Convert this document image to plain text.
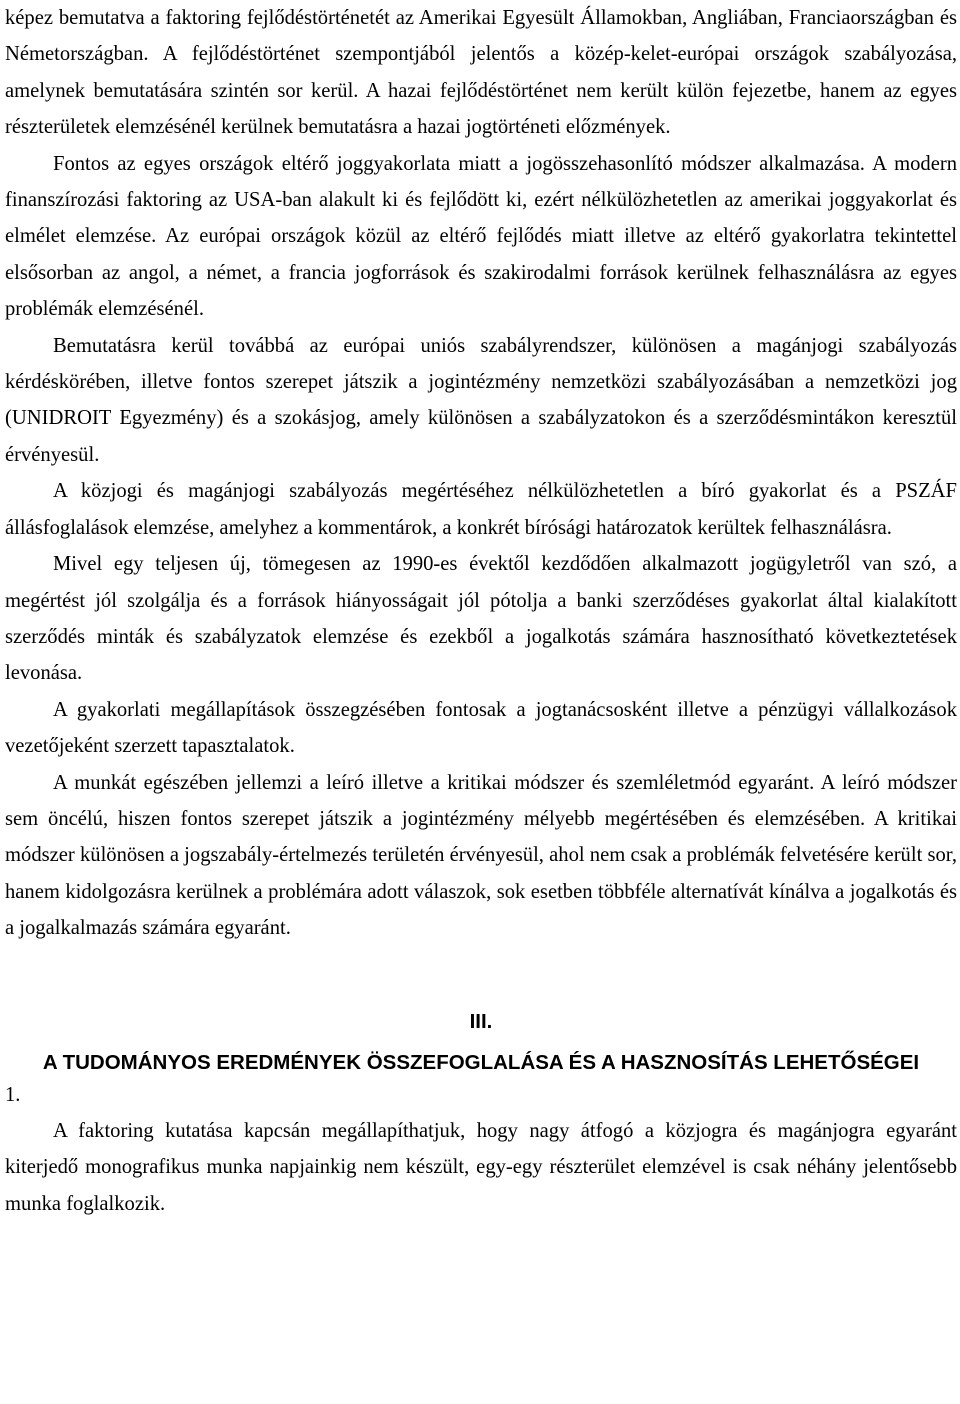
képez bemutatva a faktoring fejlődéstörténetét az Amerikai Egyesült Államokban, Angliában, Franciaországban és Németországban. A fejlődéstörténet szempontjából jelentős a közép-kelet-európai országok szabályozása, amelynek bemutatására szintén sor kerül. A hazai fejlődéstörténet nem került külön fejezetbe, hanem az egyes részterületek elemzésénél kerülnek bemutatásra a hazai jogtörténeti előzmények.

Fontos az egyes országok eltérő joggyakorlata miatt a jogösszehasonlító módszer alkalmazása. A modern finanszírozási faktoring az USA-ban alakult ki és fejlődött ki, ezért nélkülözhetetlen az amerikai joggyakorlat és elmélet elemzése. Az európai országok közül az eltérő fejlődés miatt illetve az eltérő gyakorlatra tekintettel elsősorban az angol, a német, a francia jogforrások és szakirodalmi források kerülnek felhasználásra az egyes problémák elemzésénél.

Bemutatásra kerül továbbá az európai uniós szabályrendszer, különösen a magánjogi szabályozás kérdéskörében, illetve fontos szerepet játszik a jogintézmény nemzetközi szabályozásában a nemzetközi jog (UNIDROIT Egyezmény) és a szokásjog, amely különösen a szabályzatokon és a szerződésmintákon keresztül érvényesül.

A közjogi és magánjogi szabályozás megértéséhez nélkülözhetetlen a bíró gyakorlat és a PSZÁF állásfoglalások elemzése, amelyhez a kommentárok, a konkrét bírósági határozatok kerültek felhasználásra.

Mivel egy teljesen új, tömegesen az 1990-es évektől kezdődően alkalmazott jogügyletről van szó, a megértést jól szolgálja és a források hiányosságait jól pótolja a banki szerződéses gyakorlat által kialakított szerződés minták és szabályzatok elemzése és ezekből a jogalkotás számára hasznosítható következtetések levonása.

A gyakorlati megállapítások összegzésében fontosak a jogtanácsosként illetve a pénzügyi vállalkozások vezetőjeként szerzett tapasztalatok.

A munkát egészében jellemzi a leíró illetve a kritikai módszer és szemléletmód egyaránt. A leíró módszer sem öncélú, hiszen fontos szerepet játszik a jogintézmény mélyebb megértésében és elemzésében. A kritikai módszer különösen a jogszabály-értelmezés területén érvényesül, ahol nem csak a problémák felvetésére került sor, hanem kidolgozásra kerülnek a problémára adott válaszok, sok esetben többféle alternatívát kínálva a jogalkotás és a jogalkalmazás számára egyaránt.

III.

A TUDOMÁNYOS EREDMÉNYEK ÖSSZEFOGLALÁSA ÉS A HASZNOSÍTÁS LEHETŐSÉGEI

1.

A faktoring kutatása kapcsán megállapíthatjuk, hogy nagy átfogó a közjogra és magánjogra egyaránt kiterjedő monografikus munka napjainkig nem készült, egy-egy részterület elemzével is csak néhány jelentősebb munka foglalkozik.
